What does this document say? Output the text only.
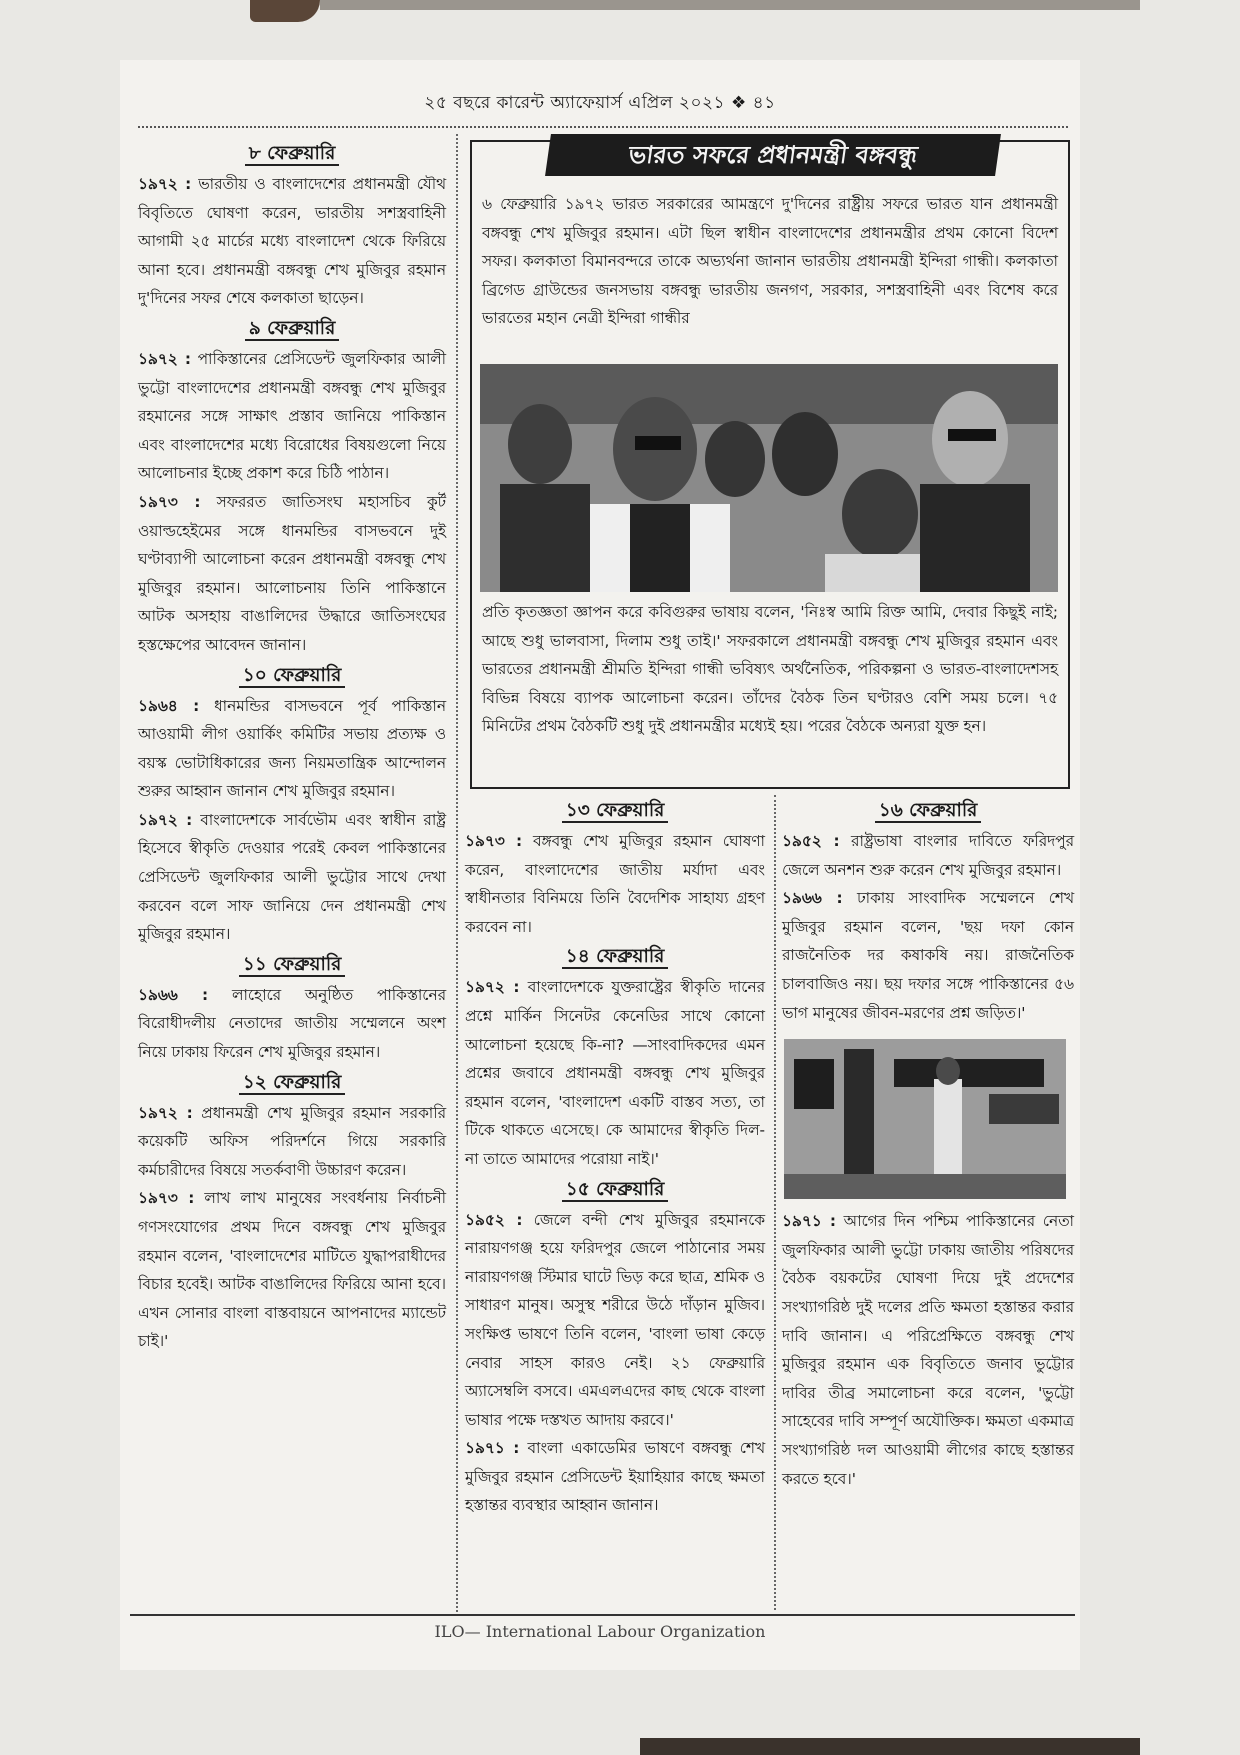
২৫ বছরে কারেন্ট অ্যাফেয়ার্স এপ্রিল ২০২১ ❖ ৪১
৮ ফেব্রুয়ারি

১৯৭২ : ভারতীয় ও বাংলাদেশের প্রধানমন্ত্রী যৌথ বিবৃতিতে ঘোষণা করেন, ভারতীয় সশস্ত্রবাহিনী আগামী ২৫ মার্চের মধ্যে বাংলাদেশ থেকে ফিরিয়ে আনা হবে। প্রধানমন্ত্রী বঙ্গবন্ধু শেখ মুজিবুর রহমান দু'দিনের সফর শেষে কলকাতা ছাড়েন।

৯ ফেব্রুয়ারি

১৯৭২ : পাকিস্তানের প্রেসিডেন্ট জুলফিকার আলী ভুট্টো বাংলাদেশের প্রধানমন্ত্রী বঙ্গবন্ধু শেখ মুজিবুর রহমানের সঙ্গে সাক্ষাৎ প্রস্তাব জানিয়ে পাকিস্তান এবং বাংলাদেশের মধ্যে বিরোধের বিষয়গুলো নিয়ে আলোচনার ইচ্ছে প্রকাশ করে চিঠি পাঠান।

১৯৭৩ : সফররত জাতিসংঘ মহাসচিব কুর্ট ওয়াল্ডহেইমের সঙ্গে ধানমন্ডির বাসভবনে দুই ঘণ্টাব্যাপী আলোচনা করেন প্রধানমন্ত্রী বঙ্গবন্ধু শেখ মুজিবুর রহমান। আলোচনায় তিনি পাকিস্তানে আটক অসহায় বাঙালিদের উদ্ধারে জাতিসংঘের হস্তক্ষেপের আবেদন জানান।

১০ ফেব্রুয়ারি

১৯৬৪ : ধানমন্ডির বাসভবনে পূর্ব পাকিস্তান আওয়ামী লীগ ওয়ার্কিং কমিটির সভায় প্রত্যক্ষ ও বয়স্ক ভোটাধিকারের জন্য নিয়মতান্ত্রিক আন্দোলন শুরুর আহ্বান জানান শেখ মুজিবুর রহমান।

১৯৭২ : বাংলাদেশকে সার্বভৌম এবং স্বাধীন রাষ্ট্র হিসেবে স্বীকৃতি দেওয়ার পরেই কেবল পাকিস্তানের প্রেসিডেন্ট জুলফিকার আলী ভুট্টোর সাথে দেখা করবেন বলে সাফ জানিয়ে দেন প্রধানমন্ত্রী শেখ মুজিবুর রহমান।

১১ ফেব্রুয়ারি

১৯৬৬ : লাহোরে অনুষ্ঠিত পাকিস্তানের বিরোধীদলীয় নেতাদের জাতীয় সম্মেলনে অংশ নিয়ে ঢাকায় ফিরেন শেখ মুজিবুর রহমান।

১২ ফেব্রুয়ারি

১৯৭২ : প্রধানমন্ত্রী শেখ মুজিবুর রহমান সরকারি কয়েকটি অফিস পরিদর্শনে গিয়ে সরকারি কর্মচারীদের বিষয়ে সতর্কবাণী উচ্চারণ করেন।

১৯৭৩ : লাখ লাখ মানুষের সংবর্ধনায় নির্বাচনী গণসংযোগের প্রথম দিনে বঙ্গবন্ধু শেখ মুজিবুর রহমান বলেন, 'বাংলাদেশের মাটিতে যুদ্ধাপরাধীদের বিচার হবেই। আটক বাঙালিদের ফিরিয়ে আনা হবে। এখন সোনার বাংলা বাস্তবায়নে আপনাদের ম্যান্ডেট চাই।'

ভারত সফরে প্রধানমন্ত্রী বঙ্গবন্ধু
৬ ফেব্রুয়ারি ১৯৭২ ভারত সরকারের আমন্ত্রণে দু'দিনের রাষ্ট্রীয় সফরে ভারত যান প্রধানমন্ত্রী বঙ্গবন্ধু শেখ মুজিবুর রহমান। এটা ছিল স্বাধীন বাংলাদেশের প্রধানমন্ত্রীর প্রথম কোনো বিদেশ সফর। কলকাতা বিমানবন্দরে তাকে অভ্যর্থনা জানান ভারতীয় প্রধানমন্ত্রী ইন্দিরা গান্ধী। কলকাতা ব্রিগেড গ্রাউন্ডের জনসভায় বঙ্গবন্ধু ভারতীয় জনগণ, সরকার, সশস্ত্রবাহিনী এবং বিশেষ করে ভারতের মহান নেত্রী ইন্দিরা গান্ধীর
প্রতি কৃতজ্ঞতা জ্ঞাপন করে কবিগুরুর ভাষায় বলেন, 'নিঃস্ব আমি রিক্ত আমি, দেবার কিছুই নাই; আছে শুধু ভালবাসা, দিলাম শুধু তাই।' সফরকালে প্রধানমন্ত্রী বঙ্গবন্ধু শেখ মুজিবুর রহমান এবং ভারতের প্রধানমন্ত্রী শ্রীমতি ইন্দিরা গান্ধী ভবিষ্যৎ অর্থনৈতিক, পরিকল্পনা ও ভারত-বাংলাদেশসহ বিভিন্ন বিষয়ে ব্যাপক আলোচনা করেন। তাঁদের বৈঠক তিন ঘণ্টারও বেশি সময় চলে। ৭৫ মিনিটের প্রথম বৈঠকটি শুধু দুই প্রধানমন্ত্রীর মধ্যেই হয়। পরের বৈঠকে অন্যরা যুক্ত হন।
১৩ ফেব্রুয়ারি

১৯৭৩ : বঙ্গবন্ধু শেখ মুজিবুর রহমান ঘোষণা করেন, বাংলাদেশের জাতীয় মর্যাদা এবং স্বাধীনতার বিনিময়ে তিনি বৈদেশিক সাহায্য গ্রহণ করবেন না।

১৪ ফেব্রুয়ারি

১৯৭২ : বাংলাদেশকে যুক্তরাষ্ট্রের স্বীকৃতি দানের প্রশ্নে মার্কিন সিনেটর কেনেডির সাথে কোনো আলোচনা হয়েছে কি-না? —সাংবাদিকদের এমন প্রশ্নের জবাবে প্রধানমন্ত্রী বঙ্গবন্ধু শেখ মুজিবুর রহমান বলেন, 'বাংলাদেশ একটি বাস্তব সত্য, তা টিকে থাকতে এসেছে। কে আমাদের স্বীকৃতি দিল-না তাতে আমাদের পরোয়া নাই।'

১৫ ফেব্রুয়ারি

১৯৫২ : জেলে বন্দী শেখ মুজিবুর রহমানকে নারায়ণগঞ্জ হয়ে ফরিদপুর জেলে পাঠানোর সময় নারায়ণগঞ্জ স্টিমার ঘাটে ভিড় করে ছাত্র, শ্রমিক ও সাধারণ মানুষ। অসুস্থ শরীরে উঠে দাঁড়ান মুজিব। সংক্ষিপ্ত ভাষণে তিনি বলেন, 'বাংলা ভাষা কেড়ে নেবার সাহস কারও নেই। ২১ ফেব্রুয়ারি অ্যাসেম্বলি বসবে। এমএলএদের কাছ থেকে বাংলা ভাষার পক্ষে দস্তখত আদায় করবে।'

১৯৭১ : বাংলা একাডেমির ভাষণে বঙ্গবন্ধু শেখ মুজিবুর রহমান প্রেসিডেন্ট ইয়াহিয়ার কাছে ক্ষমতা হস্তান্তর ব্যবস্থার আহ্বান জানান।

১৬ ফেব্রুয়ারি

১৯৫২ : রাষ্ট্রভাষা বাংলার দাবিতে ফরিদপুর জেলে অনশন শুরু করেন শেখ মুজিবুর রহমান।

১৯৬৬ : ঢাকায় সাংবাদিক সম্মেলনে শেখ মুজিবুর রহমান বলেন, 'ছয় দফা কোন রাজনৈতিক দর কষাকষি নয়। রাজনৈতিক চালবাজিও নয়। ছয় দফার সঙ্গে পাকিস্তানের ৫৬ ভাগ মানুষের জীবন-মরণের প্রশ্ন জড়িত।'

১৯৭১ : আগের দিন পশ্চিম পাকিস্তানের নেতা জুলফিকার আলী ভুট্টো ঢাকায় জাতীয় পরিষদের বৈঠক বয়কটের ঘোষণা দিয়ে দুই প্রদেশের সংখ্যাগরিষ্ঠ দুই দলের প্রতি ক্ষমতা হস্তান্তর করার দাবি জানান। এ পরিপ্রেক্ষিতে বঙ্গবন্ধু শেখ মুজিবুর রহমান এক বিবৃতিতে জনাব ভুট্টোর দাবির তীব্র সমালোচনা করে বলেন, 'ভুট্টো সাহেবের দাবি সম্পূর্ণ অযৌক্তিক। ক্ষমতা একমাত্র সংখ্যাগরিষ্ঠ দল আওয়ামী লীগের কাছে হস্তান্তর করতে হবে।'

ILO— International Labour Organization
